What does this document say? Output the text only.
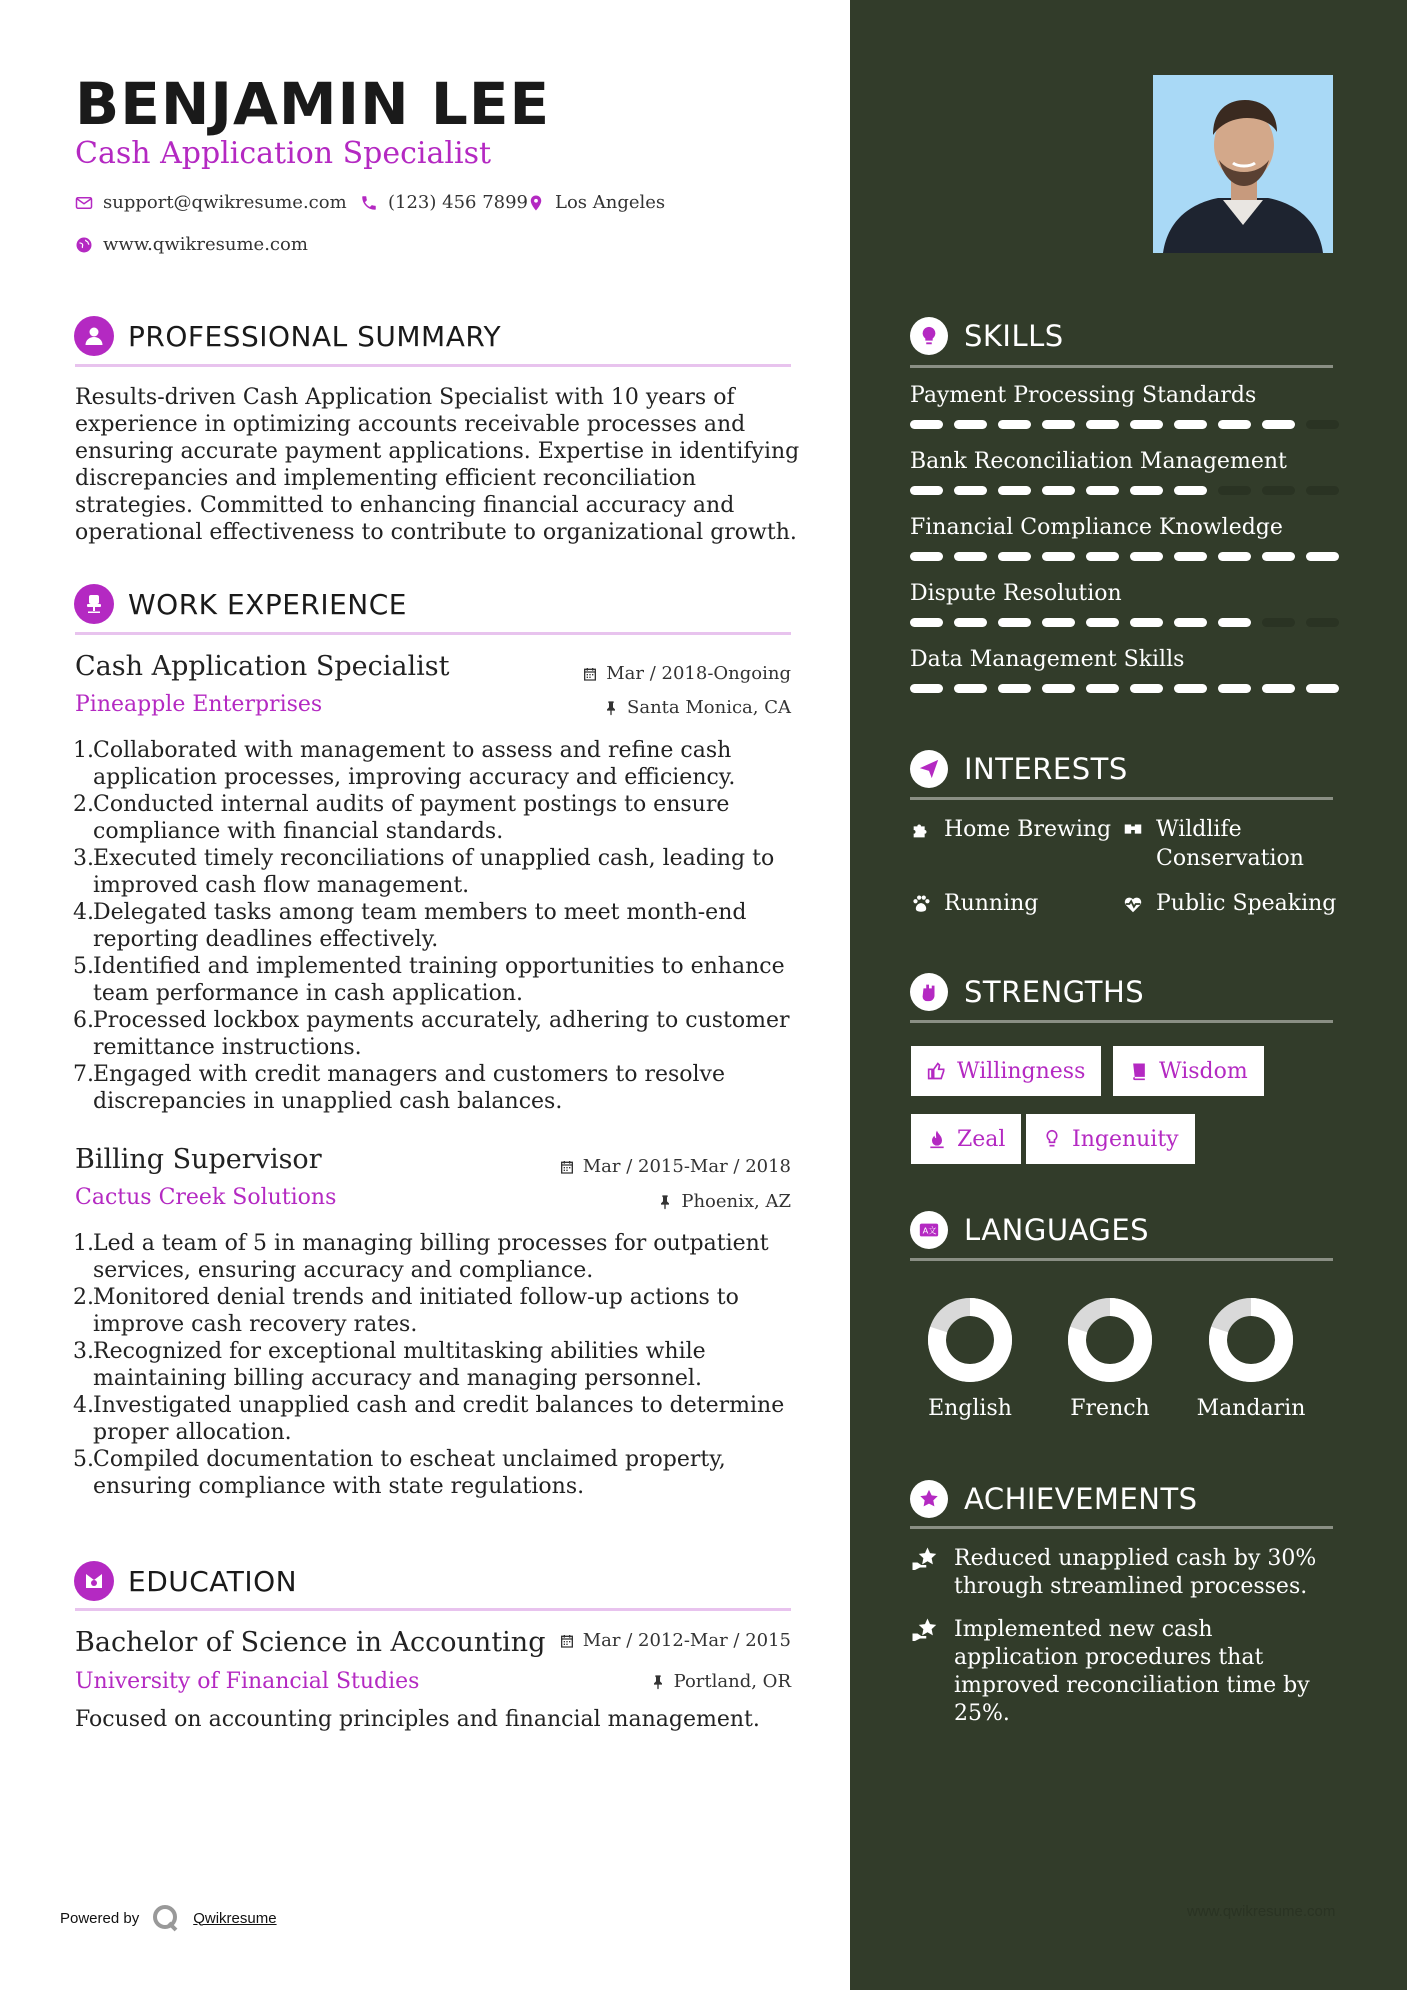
BENJAMIN LEE
Cash Application Specialist
support@qwikresume.com (123) 456 7899 Los Angeles
www.qwikresume.com
PROFESSIONAL SUMMARY
Results-driven Cash Application Specialist with 10 years of
experience in optimizing accounts receivable processes and
ensuring accurate payment applications. Expertise in identifying
discrepancies and implementing efficient reconciliation
strategies. Committed to enhancing financial accuracy and
operational effectiveness to contribute to organizational growth.
WORK EXPERIENCE
Cash Application Specialist	Mar / 2018-Ongoing
Pineapple Enterprises	Santa Monica, CA
1. Collaborated with management to assess and refine cash
application processes, improving accuracy and efficiency.
2. Conducted internal audits of payment postings to ensure
compliance with financial standards.
3. Executed timely reconciliations of unapplied cash, leading to
improved cash flow management.
4. Delegated tasks among team members to meet month-end
reporting deadlines effectively.
5. Identified and implemented training opportunities to enhance
team performance in cash application.
6. Processed lockbox payments accurately, adhering to customer
remittance instructions.
7. Engaged with credit managers and customers to resolve
discrepancies in unapplied cash balances.
Billing Supervisor	Mar / 2015-Mar / 2018
Cactus Creek Solutions	Phoenix, AZ
1. Led a team of 5 in managing billing processes for outpatient
services, ensuring accuracy and compliance.
2. Monitored denial trends and initiated follow-up actions to
improve cash recovery rates.
3. Recognized for exceptional multitasking abilities while
maintaining billing accuracy and managing personnel.
4. Investigated unapplied cash and credit balances to determine
proper allocation.
5. Compiled documentation to escheat unclaimed property,
ensuring compliance with state regulations.
EDUCATION
Bachelor of Science in Accounting Mar / 2012-Mar / 2015
University of Financial Studies	Portland, OR
Focused on accounting principles and financial management.
Powered by	Qwikresume
SKILLS
Payment Processing Standards
Bank Reconciliation Management
Financial Compliance Knowledge
Dispute Resolution
Data Management Skills
INTERESTS
Home Brewing Wildlife
Conservation
Running	Public Speaking
STRENGTHS
Willingness	Wisdom
Zeal	Ingenuity
A文 LANGUAGES
English	French	Mandarin
ACHIEVEMENTS
Reduced unapplied cash by 30%
through streamlined processes.
Implemented new cash
application procedures that
improved reconciliation time by
25%.
www.qwikresume.com
